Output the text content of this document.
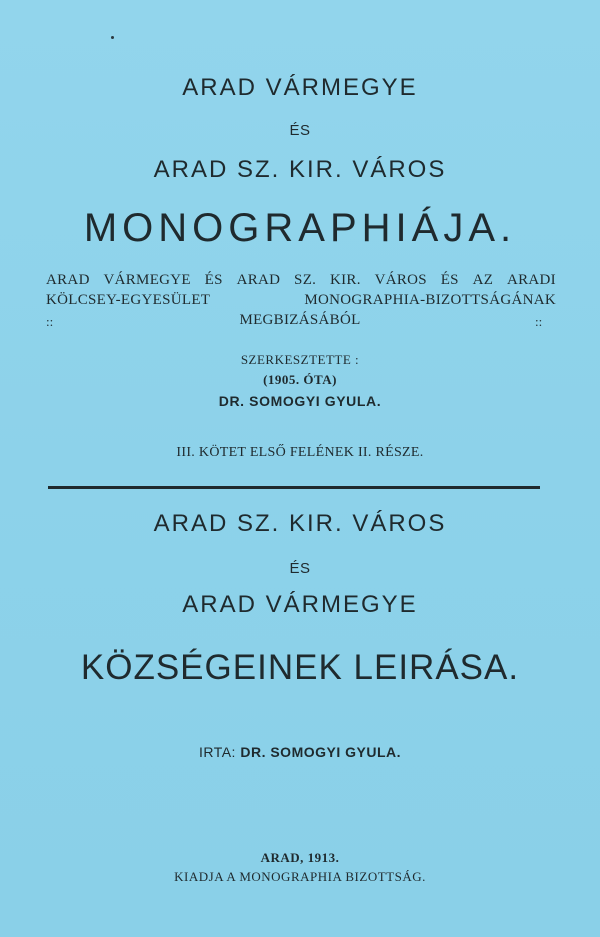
ARAD VÁRMEGYE
ÉS
ARAD SZ. KIR. VÁROS
MONOGRAPHIÁJA.
ARAD VÁRMEGYE ÉS ARAD SZ. KIR. VÁROS ÉS AZ ARADI
KÖLCSEY-EGYESÜLET	MONOGRAPHIA-BIZOTTSÁGÁNAK
::	MEGBIZÁSÁBÓL	::
SZERKESZTETTE :
(1905. ÓTA)
DR. SOMOGYI GYULA.
III. KÖTET ELSŐ FELÉNEK II. RÉSZE.
ARAD SZ. KIR. VÁROS
ÉS
ARAD VÁRMEGYE
KÖZSÉGEINEK LEIRÁSA.
IRTA: DR. SOMOGYI GYULA.
ARAD, 1913.
KIADJA A MONOGRAPHIA BIZOTTSÁG.
